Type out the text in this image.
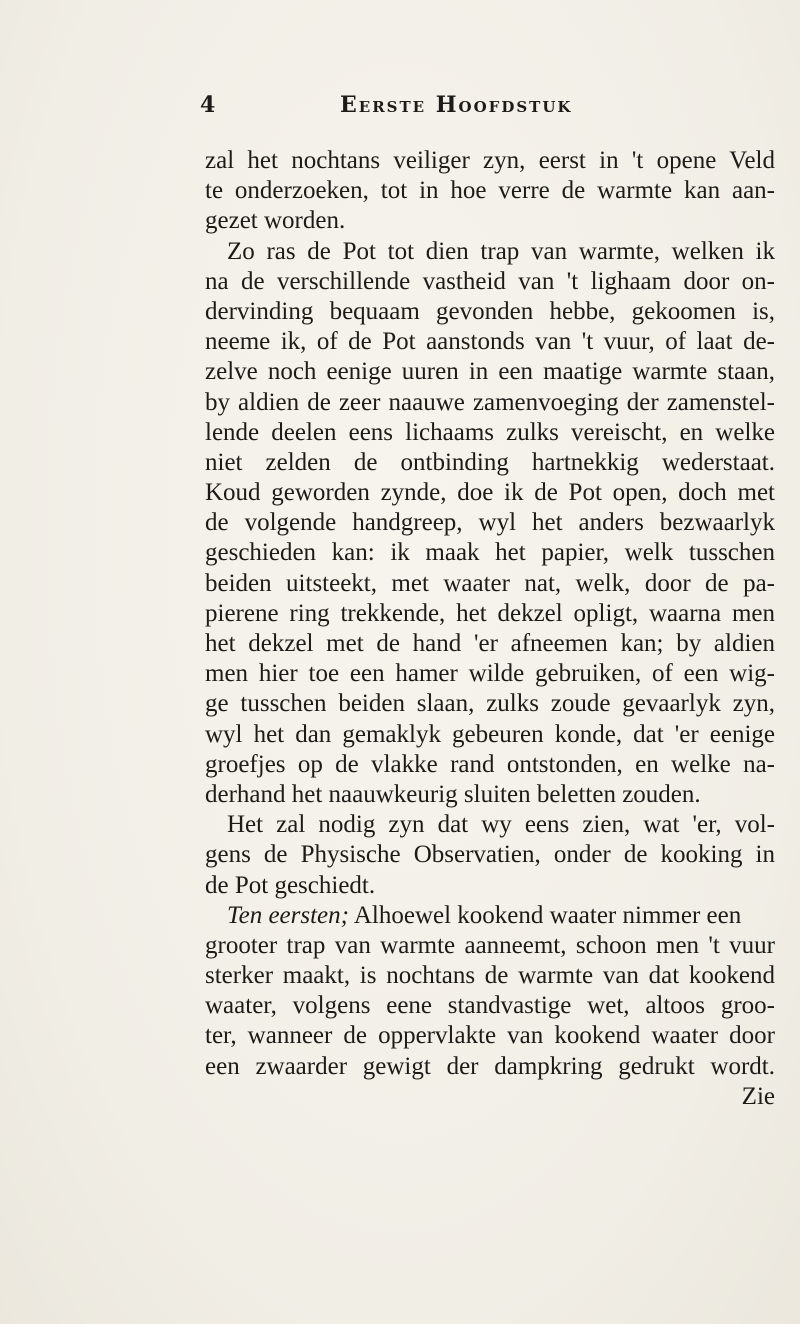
4	Eerste Hoofdstuk
zal het nochtans veiliger zyn, eerst in 't opene Veld
te onderzoeken, tot in hoe verre de warmte kan aan-
gezet worden.
Zo ras de Pot tot dien trap van warmte, welken ik
na de verschillende vastheid van 't lighaam door on-
dervinding bequaam gevonden hebbe, gekoomen is,
neeme ik, of de Pot aanstonds van 't vuur, of laat de-
zelve noch eenige uuren in een maatige warmte staan,
by aldien de zeer naauwe zamenvoeging der zamenstel-
lende deelen eens lichaams zulks vereischt, en welke
niet zelden de ontbinding hartnekkig wederstaat.
Koud geworden zynde, doe ik de Pot open, doch met
de volgende handgreep, wyl het anders bezwaarlyk
geschieden kan: ik maak het papier, welk tusschen
beiden uitsteekt, met waater nat, welk, door de pa-
pierene ring trekkende, het dekzel opligt, waarna men
het dekzel met de hand 'er afneemen kan; by aldien
men hier toe een hamer wilde gebruiken, of een wig-
ge tusschen beiden slaan, zulks zoude gevaarlyk zyn,
wyl het dan gemaklyk gebeuren konde, dat 'er eenige
groefjes op de vlakke rand ontstonden, en welke na-
derhand het naauwkeurig sluiten beletten zouden.
Het zal nodig zyn dat wy eens zien, wat 'er, vol-
gens de Physische Observatien, onder de kooking in
de Pot geschiedt.
Ten eersten; Alhoewel kookend waater nimmer een
grooter trap van warmte aanneemt, schoon men 't vuur
sterker maakt, is nochtans de warmte van dat kookend
waater, volgens eene standvastige wet, altoos groo-
ter, wanneer de oppervlakte van kookend waater door
een zwaarder gewigt der dampkring gedrukt wordt.
Zie
